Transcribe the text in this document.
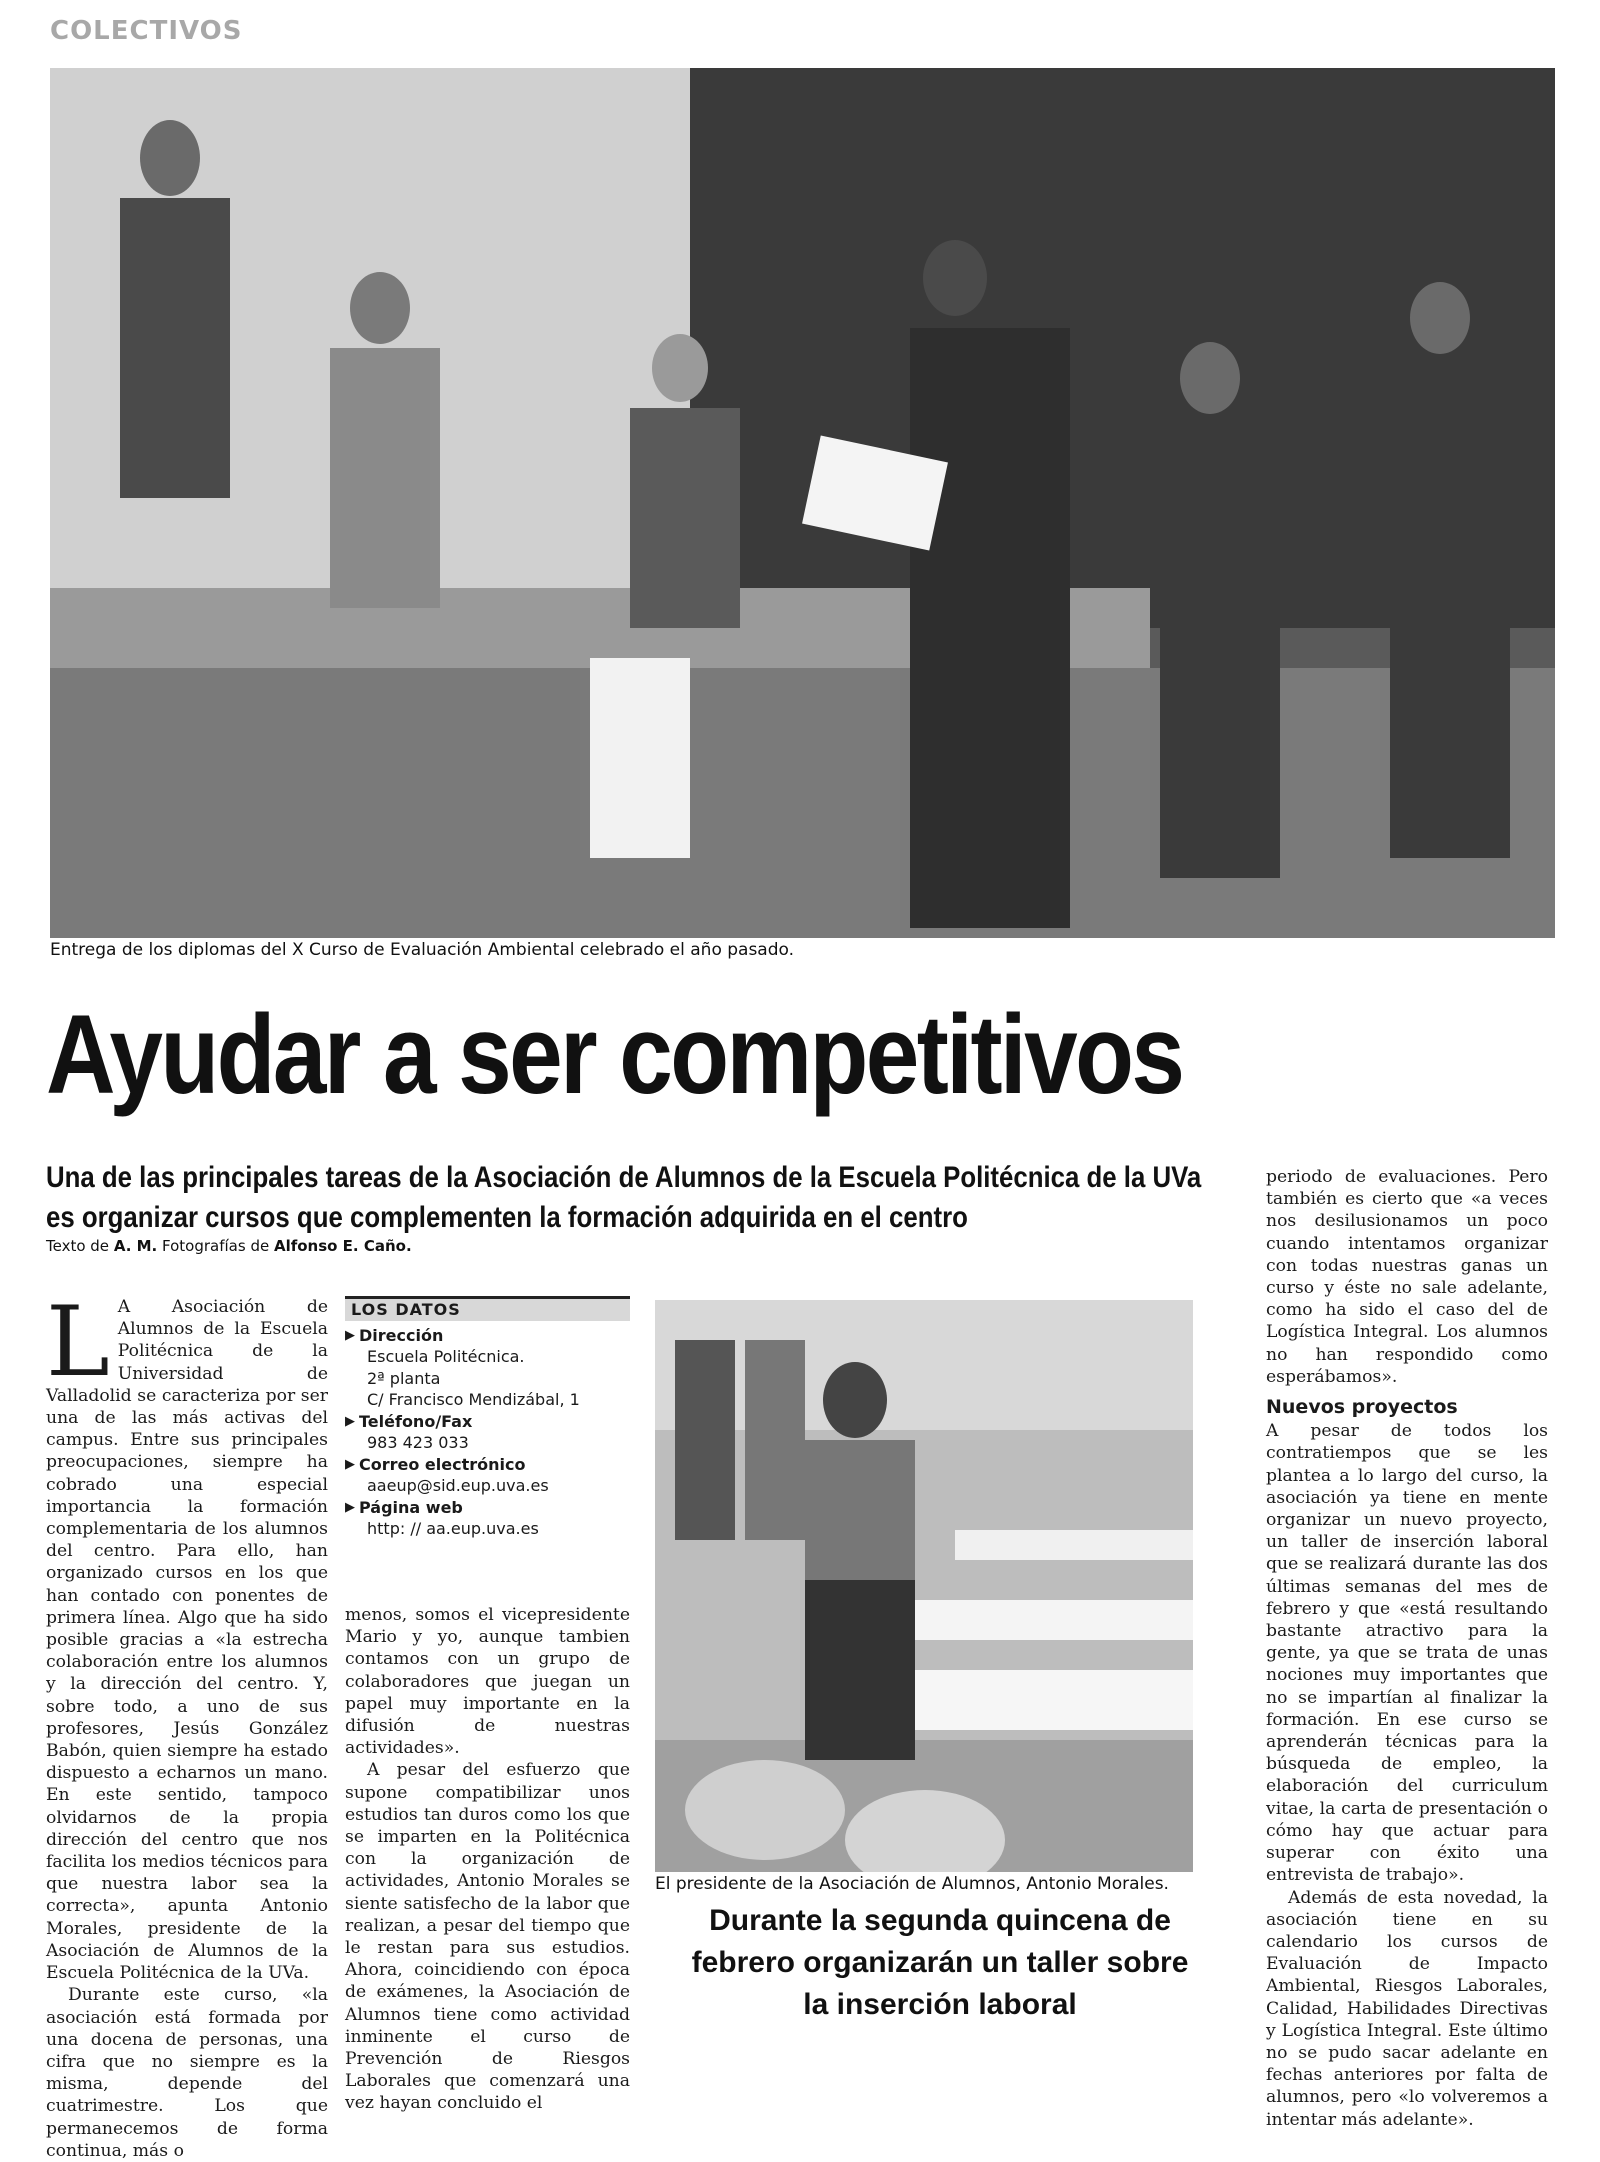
COLECTIVOS
Entrega de los diplomas del X Curso de Evaluación Ambiental celebrado el año pasado.
Ayudar a ser competitivos
Una de las principales tareas de la Asociación de Alumnos de la Escuela Politécnica de la UVa es organizar cursos que complementen la formación adquirida en el centro
Texto de A. M. Fotografías de Alfonso E. Caño.

L A Asociación de Alumnos de la Escuela Politécnica de la Universidad de Valladolid se caracteriza por ser una de las más activas del campus. Entre sus principales preocupaciones, siempre ha cobrado una especial importancia la formación complementaria de los alumnos del centro. Para ello, han organizado cursos en los que han contado con ponentes de primera línea. Algo que ha sido posible gracias a «la estrecha colaboración entre los alumnos y la dirección del centro. Y, sobre todo, a uno de sus profesores, Jesús González Babón, quien siempre ha estado dispuesto a echarnos un mano. En este sentido, tampoco olvidarnos de la propia dirección del centro que nos facilita los medios técnicos para que nuestra labor sea la correcta», apunta Antonio Morales, presidente de la Asociación de Alumnos de la Escuela Politécnica de la UVa.

Durante este curso, «la asociación está formada por una docena de personas, una cifra que no siempre es la misma, depende del cuatrimestre. Los que permanecemos de forma continua, más o

LOS DATOS
▶ Dirección
Escuela Politécnica.
2ª planta
C/ Francisco Mendizábal, 1
▶ Teléfono/Fax
983 423 033
▶ Correo electrónico
aaeup@sid.eup.uva.es
▶ Página web
http: // aa.eup.uva.es

menos, somos el vicepresidente Mario y yo, aunque tambien contamos con un grupo de colaboradores que juegan un papel muy importante en la difusión de nuestras actividades».

A pesar del esfuerzo que supone compatibilizar unos estudios tan duros como los que se imparten en la Politécnica con la organización de actividades, Antonio Morales se siente satisfecho de la labor que realizan, a pesar del tiempo que le restan para sus estudios. Ahora, coincidiendo con época de exámenes, la Asociación de Alumnos tiene como actividad inminente el curso de Prevención de Riesgos Laborales que comenzará una vez hayan concluido el

El presidente de la Asociación de Alumnos, Antonio Morales.
Durante la segunda quincena de febrero organizarán un taller sobre la inserción laboral

periodo de evaluaciones. Pero también es cierto que «a veces nos desilusionamos un poco cuando intentamos organizar con todas nuestras ganas un curso y éste no sale adelante, como ha sido el caso del de Logística Integral. Los alumnos no han respondido como esperábamos».

Nuevos proyectos

A pesar de todos los contratiempos que se les plantea a lo largo del curso, la asociación ya tiene en mente organizar un nuevo proyecto, un taller de inserción laboral que se realizará durante las dos últimas semanas del mes de febrero y que «está resultando bastante atractivo para la gente, ya que se trata de unas nociones muy importantes que no se impartían al finalizar la formación. En ese curso se aprenderán técnicas para la búsqueda de empleo, la elaboración del curriculum vitae, la carta de presentación o cómo hay que actuar para superar con éxito una entrevista de trabajo».

Además de esta novedad, la asociación tiene en su calendario los cursos de Evaluación de Impacto Ambiental, Riesgos Laborales, Calidad, Habilidades Directivas y Logística Integral. Este último no se pudo sacar adelante en fechas anteriores por falta de alumnos, pero «lo volveremos a intentar más adelante».
